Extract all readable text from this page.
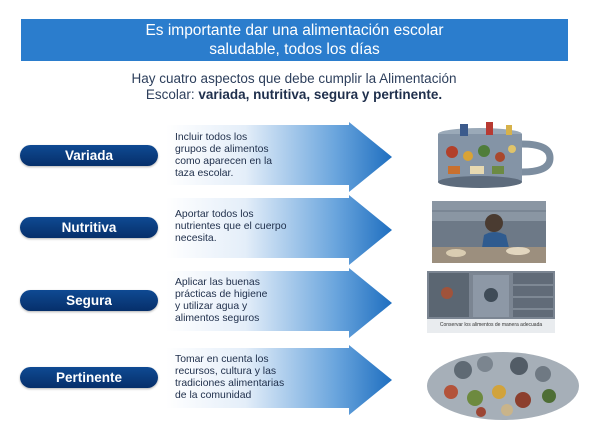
Es importante dar una alimentación escolar
saludable, todos los días
Hay cuatro aspectos que debe cumplir la Alimentación
Escolar: variada, nutritiva, segura y pertinente.
Variada
Incluir todos los
grupos de alimentos
como aparecen en la
taza escolar.
Nutritiva
Aportar todos los
nutrientes que el cuerpo
necesita.
Segura
Aplicar las buenas
prácticas de higiene
y utilizar agua y
alimentos seguros
Conservar los alimentos de manera adecuada
Pertinente
Tomar en cuenta los
recursos, cultura y las
tradiciones alimentarias
de la comunidad
